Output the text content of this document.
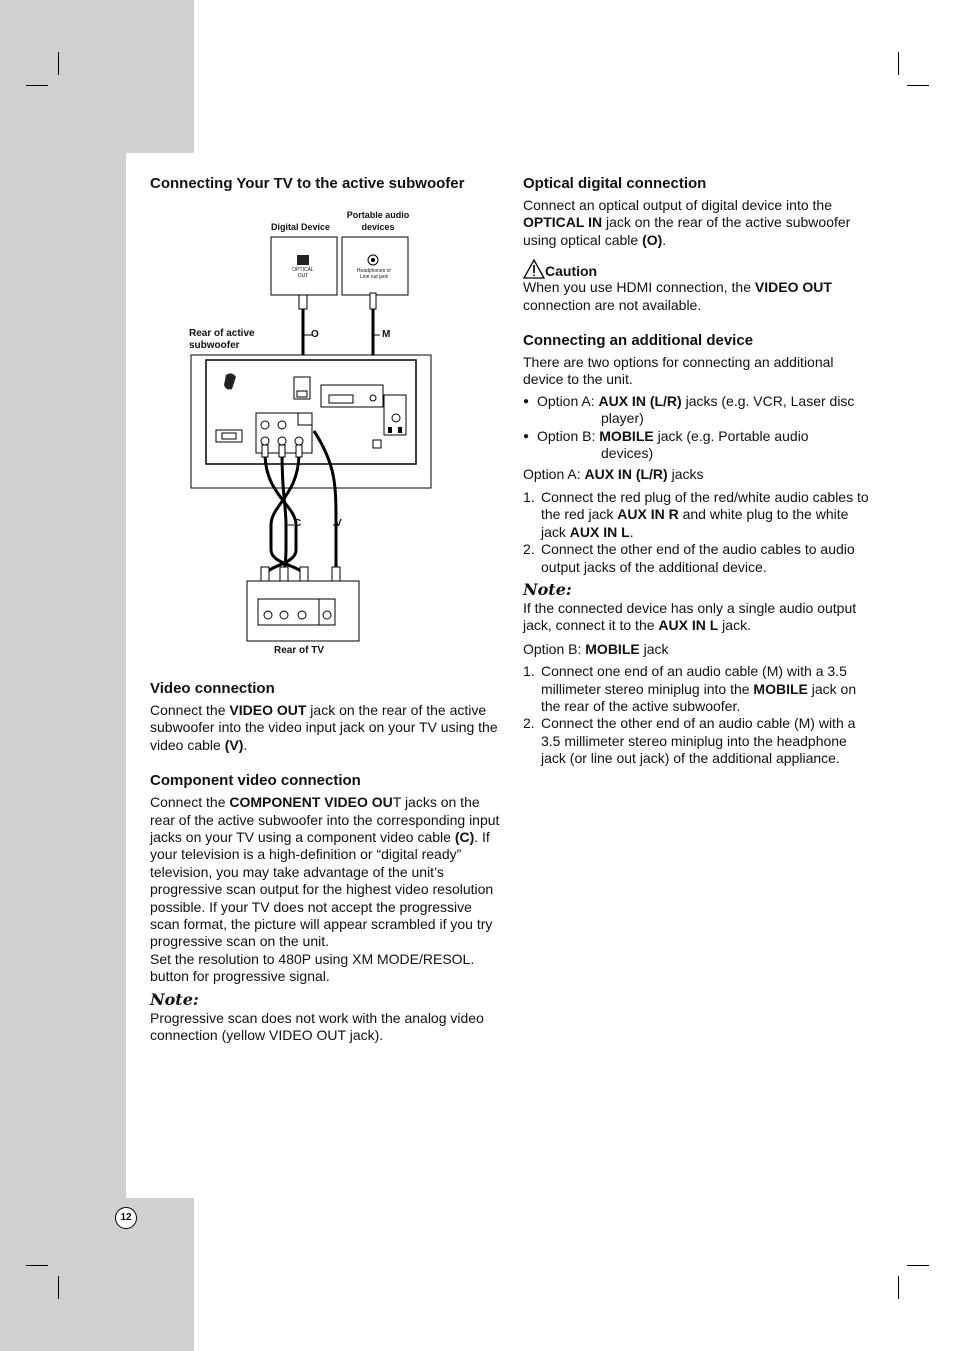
Connecting Your TV to the active subwoofer
Digital Device
Portable audio devices
OPTICAL OUT
Headphones or Line out jack
Rear of active subwoofer
O	M
C	V
Rear of TV
Video connection

Connect the VIDEO OUT jack on the rear of the active subwoofer into the video input jack on your TV using the video cable (V).

Component video connection

Connect the COMPONENT VIDEO OUT jacks on the rear of the active subwoofer into the corresponding input jacks on your TV using a component video cable (C). If your television is a high-definition or “digital ready” television, you may take advantage of the unit’s progressive scan output for the highest video resolution possible. If your TV does not accept the progressive scan format, the picture will appear scrambled if you try progressive scan on the unit.

Set the resolution to 480P using XM MODE/RESOL. button for progressive signal.

Note:

Progressive scan does not work with the analog video connection (yellow VIDEO OUT jack).

Optical digital connection

Connect an optical output of digital device into the OPTICAL IN jack on the rear of the active subwoofer using optical cable (O).

Caution

When you use HDMI connection, the VIDEO OUT connection are not available.

Connecting an additional device

There are two options for connecting an additional device to the unit.

● Option A: AUX IN (L/R) jacks (e.g. VCR, Laser disc
player)
● Option B: MOBILE jack (e.g. Portable audio
devices)

Option A: AUX IN (L/R) jacks

1. Connect the red plug of the red/white audio cables to the red jack AUX IN R and white plug to the white jack AUX IN L.
2. Connect the other end of the audio cables to audio output jacks of the additional device.
Note:

If the connected device has only a single audio output jack, connect it to the AUX IN L jack.

Option B: MOBILE jack

1. Connect one end of an audio cable (M) with a 3.5 millimeter stereo miniplug into the MOBILE jack on the rear of the active subwoofer.
2. Connect the other end of an audio cable (M) with a 3.5 millimeter stereo miniplug into the headphone jack (or line out jack) of the additional appliance.
12
